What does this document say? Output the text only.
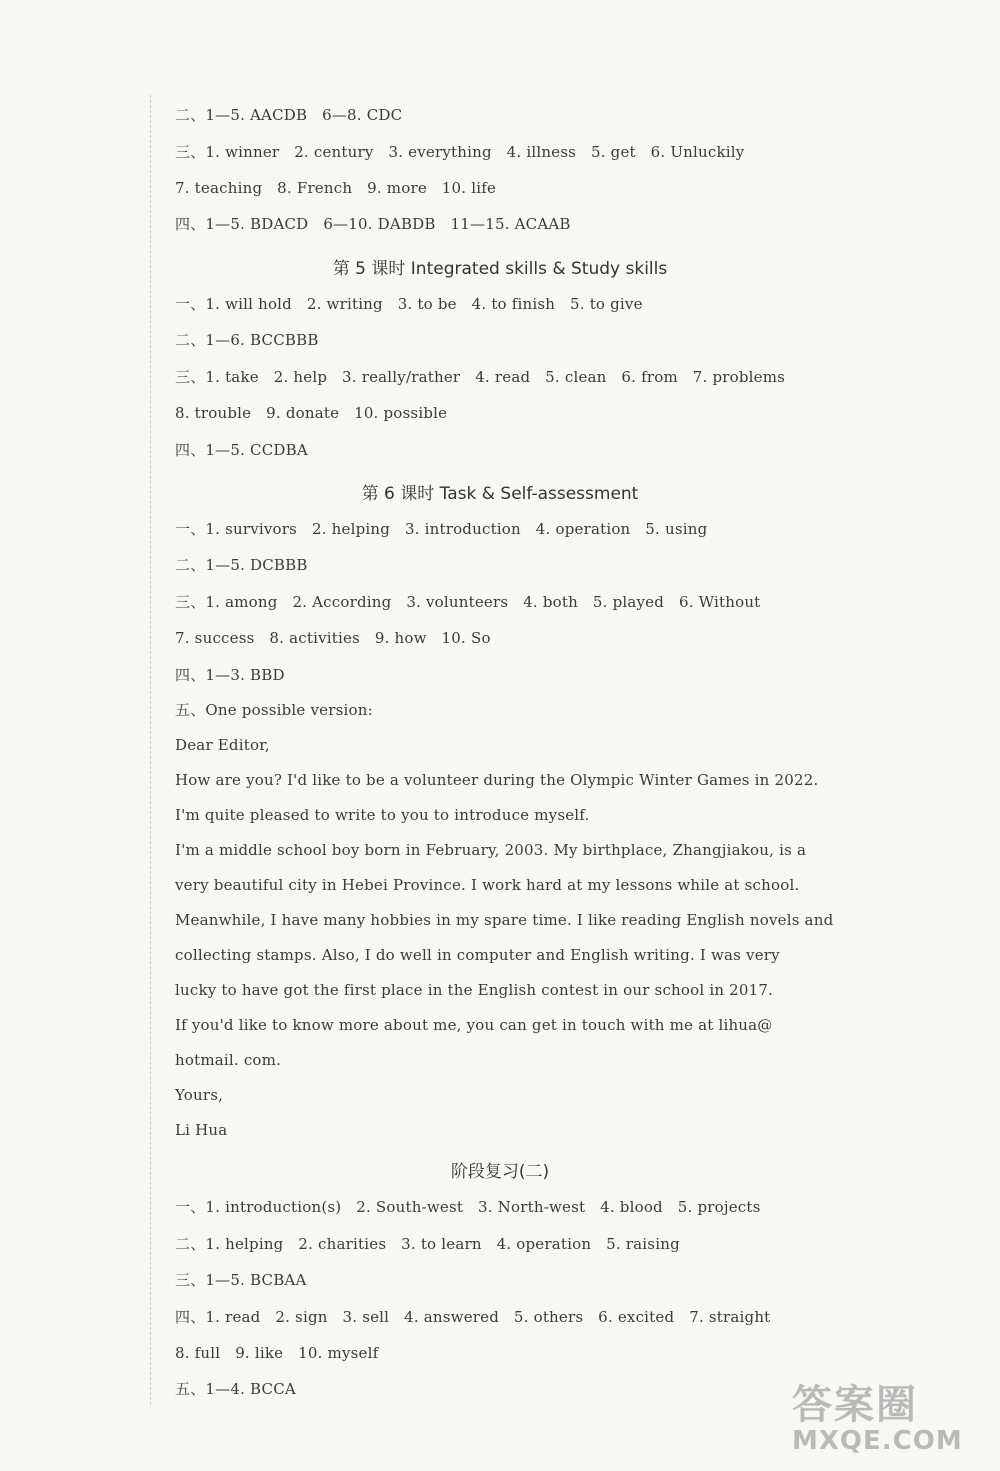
二、1—5. AACDB   6—8. CDC
三、1. winner   2. century   3. everything   4. illness   5. get   6. Unluckily
7. teaching   8. French   9. more   10. life
四、1—5. BDACD   6—10. DABDB   11—15. ACAAB
第 5 课时 Integrated skills & Study skills
一、1. will hold   2. writing   3. to be   4. to finish   5. to give
二、1—6. BCCBBB
三、1. take   2. help   3. really/rather   4. read   5. clean   6. from   7. problems
8. trouble   9. donate   10. possible
四、1—5. CCDBA
第 6 课时 Task & Self-assessment
一、1. survivors   2. helping   3. introduction   4. operation   5. using
二、1—5. DCBBB
三、1. among   2. According   3. volunteers   4. both   5. played   6. Without
7. success   8. activities   9. how   10. So
四、1—3. BBD
五、One possible version:
Dear Editor,
How are you? I'd like to be a volunteer during the Olympic Winter Games in 2022.
I'm quite pleased to write to you to introduce myself.
I'm a middle school boy born in February, 2003. My birthplace, Zhangjiakou, is a
very beautiful city in Hebei Province. I work hard at my lessons while at school.
Meanwhile, I have many hobbies in my spare time. I like reading English novels and
collecting stamps. Also, I do well in computer and English writing. I was very
lucky to have got the first place in the English contest in our school in 2017.
If you'd like to know more about me, you can get in touch with me at lihua@
hotmail. com.
Yours,
Li Hua
阶段复习(二)
一、1. introduction(s)   2. South-west   3. North-west   4. blood   5. projects
二、1. helping   2. charities   3. to learn   4. operation   5. raising
三、1—5. BCBAA
四、1. read   2. sign   3. sell   4. answered   5. others   6. excited   7. straight
8. full   9. like   10. myself
五、1—4. BCCA	答案圈
MXQE.COM
